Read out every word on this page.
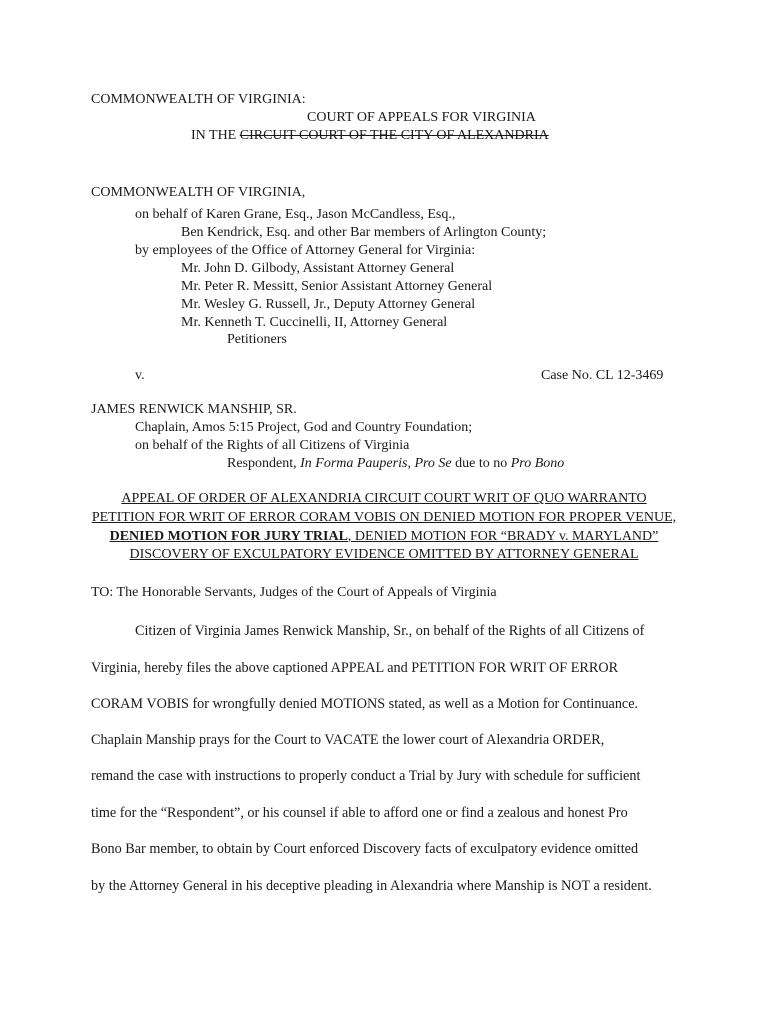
COMMONWEALTH OF VIRGINIA:
COURT OF APPEALS FOR VIRGINIA
IN THE CIRCUIT COURT OF THE CITY OF ALEXANDRIA
COMMONWEALTH OF VIRGINIA,
on behalf of Karen Grane, Esq., Jason McCandless, Esq.,
Ben Kendrick, Esq. and other Bar members of Arlington County;
by employees of the Office of Attorney General for Virginia:
Mr. John D. Gilbody, Assistant Attorney General
Mr. Peter R. Messitt, Senior Assistant Attorney General
Mr. Wesley G. Russell, Jr., Deputy Attorney General
Mr. Kenneth T. Cuccinelli, II, Attorney General
Petitioners
v.	Case No. CL 12-3469
JAMES RENWICK MANSHIP, SR.
Chaplain, Amos 5:15 Project, God and Country Foundation;
on behalf of the Rights of all Citizens of Virginia
Respondent, In Forma Pauperis, Pro Se due to no Pro Bono
APPEAL OF ORDER OF ALEXANDRIA CIRCUIT COURT WRIT OF QUO WARRANTO
PETITION FOR WRIT OF ERROR CORAM VOBIS ON DENIED MOTION FOR PROPER VENUE,
DENIED MOTION FOR JURY TRIAL, DENIED MOTION FOR “BRADY v. MARYLAND”
DISCOVERY OF EXCULPATORY EVIDENCE OMITTED BY ATTORNEY GENERAL
TO: The Honorable Servants, Judges of the Court of Appeals of Virginia
Citizen of Virginia James Renwick Manship, Sr., on behalf of the Rights of all Citizens of
Virginia, hereby files the above captioned APPEAL and PETITION FOR WRIT OF ERROR
CORAM VOBIS for wrongfully denied MOTIONS stated, as well as a Motion for Continuance.
Chaplain Manship prays for the Court to VACATE the lower court of Alexandria ORDER,
remand the case with instructions to properly conduct a Trial by Jury with schedule for sufficient
time for the “Respondent”, or his counsel if able to afford one or find a zealous and honest Pro
Bono Bar member, to obtain by Court enforced Discovery facts of exculpatory evidence omitted
by the Attorney General in his deceptive pleading in Alexandria where Manship is NOT a resident.
